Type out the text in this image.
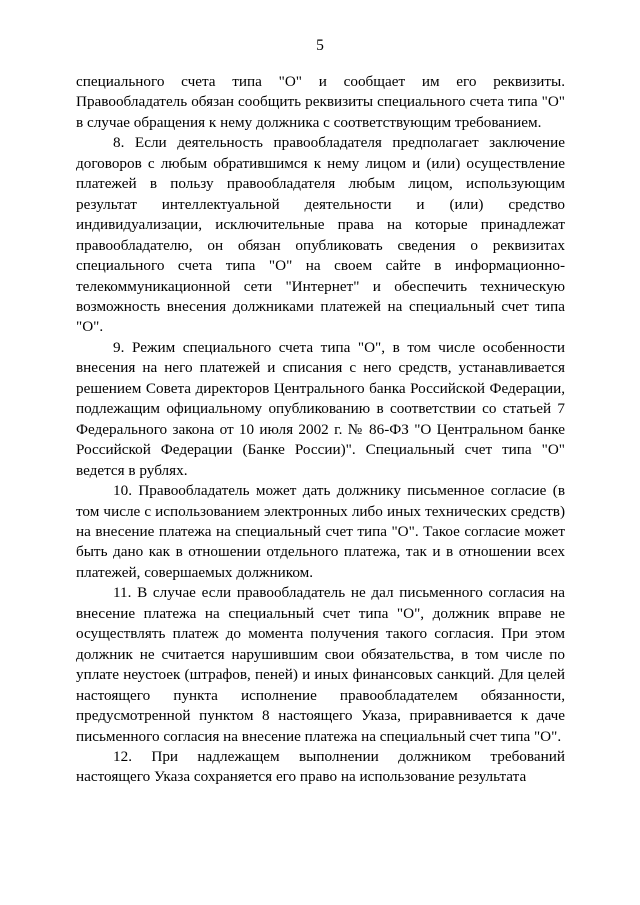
5

специального счета типа "О" и сообщает им его реквизиты. Правообладатель обязан сообщить реквизиты специального счета типа "О" в случае обращения к нему должника с соответствующим требованием.

8. Если деятельность правообладателя предполагает заключение договоров с любым обратившимся к нему лицом и (или) осуществление платежей в пользу правообладателя любым лицом, использующим результат интеллектуальной деятельности и (или) средство индивидуализации, исключительные права на которые принадлежат правообладателю, он обязан опубликовать сведения о реквизитах специального счета типа "О" на своем сайте в информационно-телекоммуникационной сети "Интернет" и обеспечить техническую возможность внесения должниками платежей на специальный счет типа "О".

9. Режим специального счета типа "О", в том числе особенности внесения на него платежей и списания с него средств, устанавливается решением Совета директоров Центрального банка Российской Федерации, подлежащим официальному опубликованию в соответствии со статьей 7 Федерального закона от 10 июля 2002 г. № 86-ФЗ "О Центральном банке Российской Федерации (Банке России)". Специальный счет типа "О" ведется в рублях.

10. Правообладатель может дать должнику письменное согласие (в том числе с использованием электронных либо иных технических средств) на внесение платежа на специальный счет типа "О". Такое согласие может быть дано как в отношении отдельного платежа, так и в отношении всех платежей, совершаемых должником.

11. В случае если правообладатель не дал письменного согласия на внесение платежа на специальный счет типа "О", должник вправе не осуществлять платеж до момента получения такого согласия. При этом должник не считается нарушившим свои обязательства, в том числе по уплате неустоек (штрафов, пеней) и иных финансовых санкций. Для целей настоящего пункта исполнение правообладателем обязанности, предусмотренной пунктом 8 настоящего Указа, приравнивается к даче письменного согласия на внесение платежа на специальный счет типа "О".

12. При надлежащем выполнении должником требований настоящего Указа сохраняется его право на использование результата
